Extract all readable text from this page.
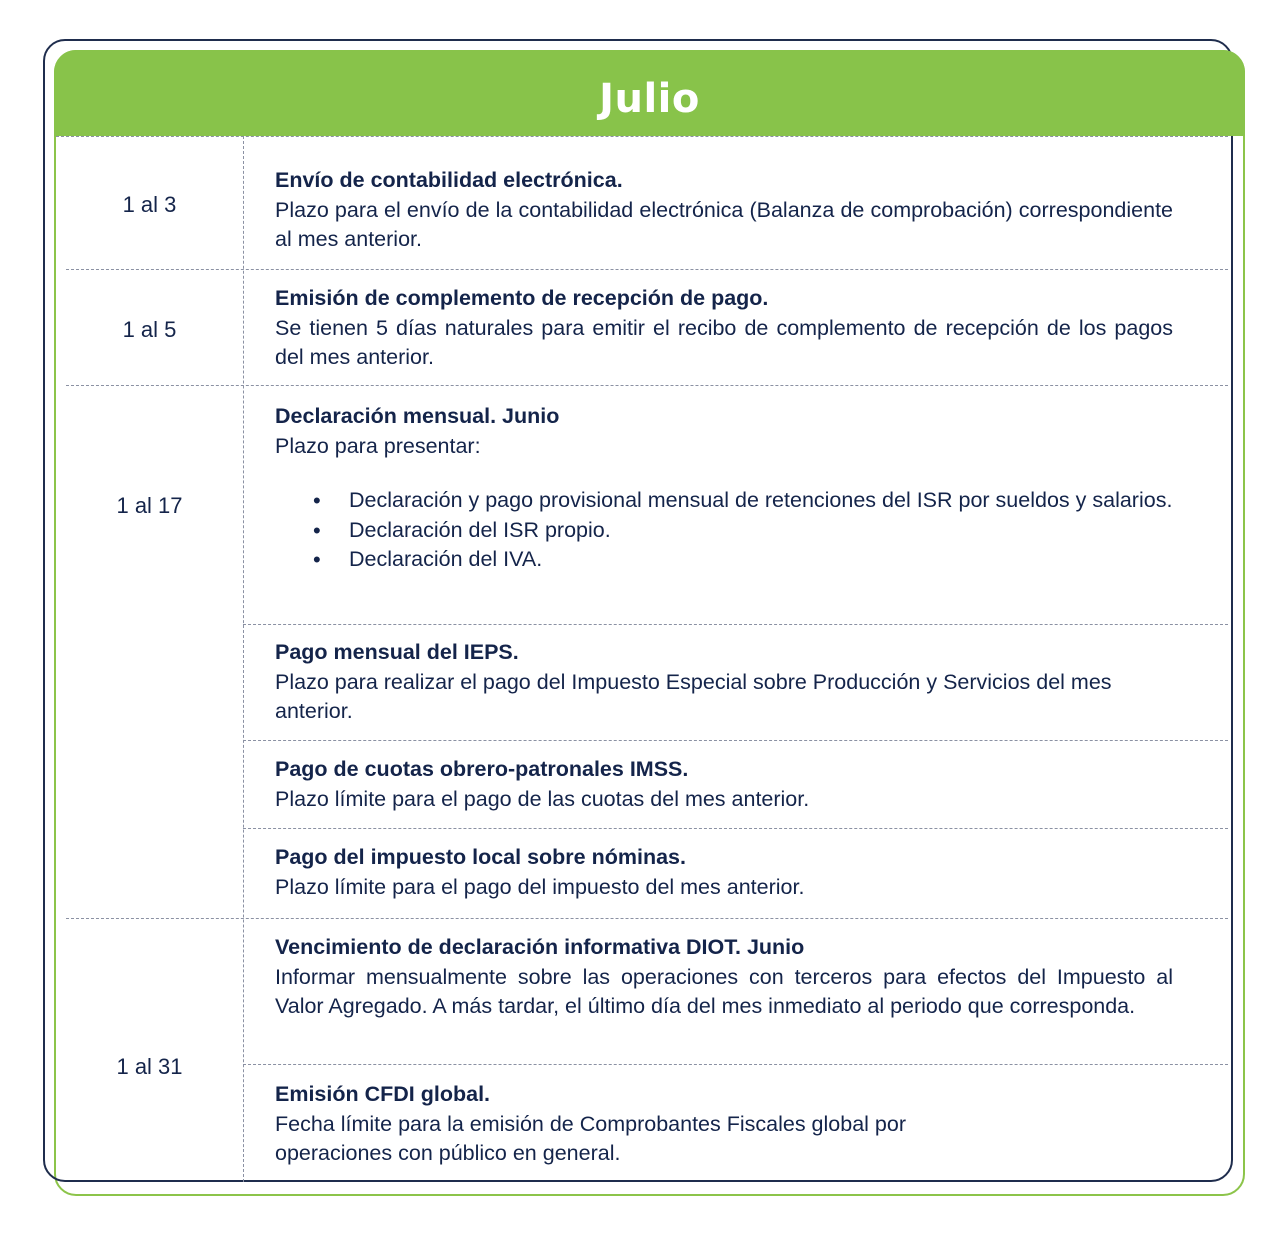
Julio
1 al 3
Envío de contabilidad electrónica.
Plazo para el envío de la contabilidad electrónica (Balanza de comprobación) correspondiente al mes anterior.
1 al 5
Emisión de complemento de recepción de pago.
Se tienen 5 días naturales para emitir el recibo de complemento de recepción de los pagos del mes anterior.
1 al 17
Declaración mensual. Junio
Plazo para presentar:
• Declaración y pago provisional mensual de retenciones del ISR por sueldos y salarios.
• Declaración del ISR propio.
• Declaración del IVA.
Pago mensual del IEPS.
Plazo para realizar el pago del Impuesto Especial sobre Producción y Servicios del mes anterior.
Pago de cuotas obrero-patronales IMSS.
Plazo límite para el pago de las cuotas del mes anterior.
Pago del impuesto local sobre nóminas.
Plazo límite para el pago del impuesto del mes anterior.
1 al 31
Vencimiento de declaración informativa DIOT. Junio
Informar mensualmente sobre las operaciones con terceros para efectos del Impuesto al Valor Agregado. A más tardar, el último día del mes inmediato al periodo que corresponda.
Emisión CFDI global.
Fecha límite para la emisión de Comprobantes Fiscales global por operaciones con público en general.
